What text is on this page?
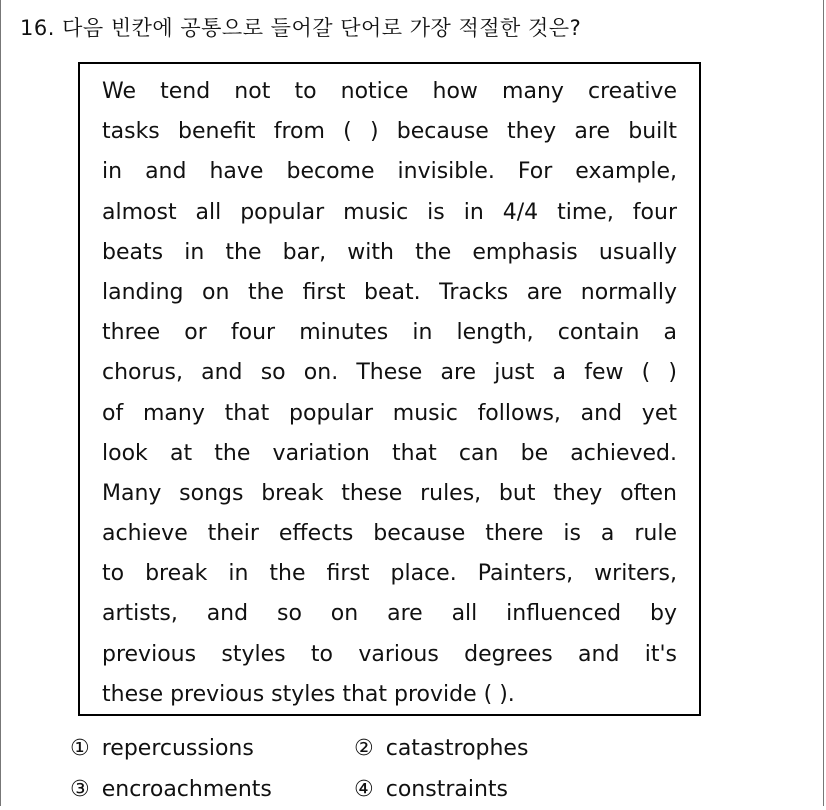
16. 다음 빈칸에 공통으로 들어갈 단어로 가장 적절한 것은?
We tend not to notice how many creative
tasks benefit from ( ) because they are built
in and have become invisible. For example,
almost all popular music is in 4/4 time, four
beats in the bar, with the emphasis usually
landing on the first beat. Tracks are normally
three or four minutes in length, contain a
chorus, and so on. These are just a few ( )
of many that popular music follows, and yet
look at the variation that can be achieved.
Many songs break these rules, but they often
achieve their effects because there is a rule
to break in the first place. Painters, writers,
artists, and so on are all influenced by
previous styles to various degrees and it's
these previous styles that provide ( ).
① repercussions	② catastrophes
③ encroachments	④ constraints
